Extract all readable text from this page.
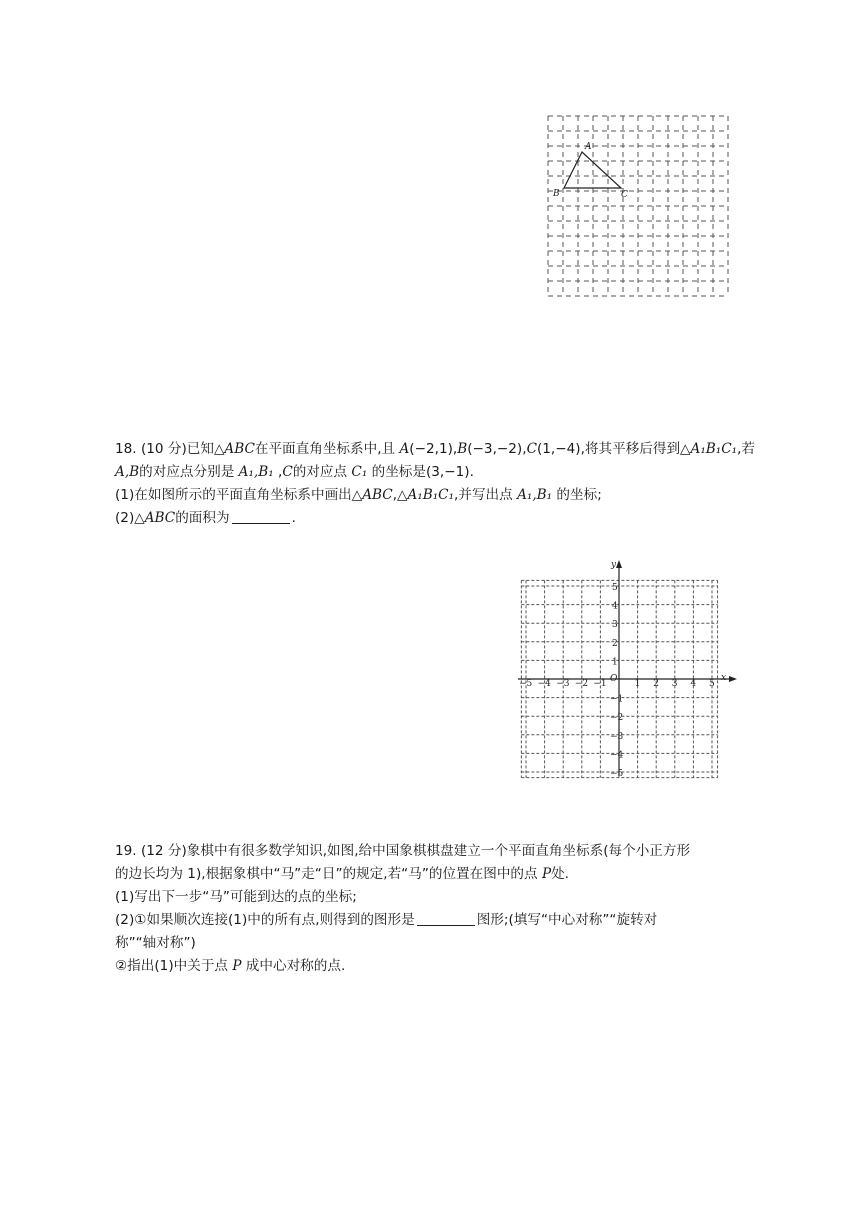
A
B	C
18. (10 分)已知△ABC在平面直角坐标系中,且 A(−2,1),B(−3,−2),C(1,−4),将其平移后得到△A₁B₁C₁,若
A,B的对应点分别是 A₁,B₁ ,C的对应点 C₁ 的坐标是(3,−1).
(1)在如图所示的平面直角坐标系中画出△ABC,△A₁B₁C₁,并写出点 A₁,B₁ 的坐标;
(2)△ABC的面积为	.
x
y
O
−5 −4 −3 −2 −1	1 2 3 4 5
5
4
3
2
1
−1
−2
−3
−4
−5
19. (12 分)象棋中有很多数学知识,如图,给中国象棋棋盘建立一个平面直角坐标系(每个小正方形
的边长均为 1),根据象棋中“马”走“日”的规定,若“马”的位置在图中的点 P处.
(1)写出下一步“马”可能到达的点的坐标;
(2)①如果顺次连接(1)中的所有点,则得到的图形是	图形;(填写“中心对称”“旋转对
称”“轴对称”)
②指出(1)中关于点 P 成中心对称的点.
